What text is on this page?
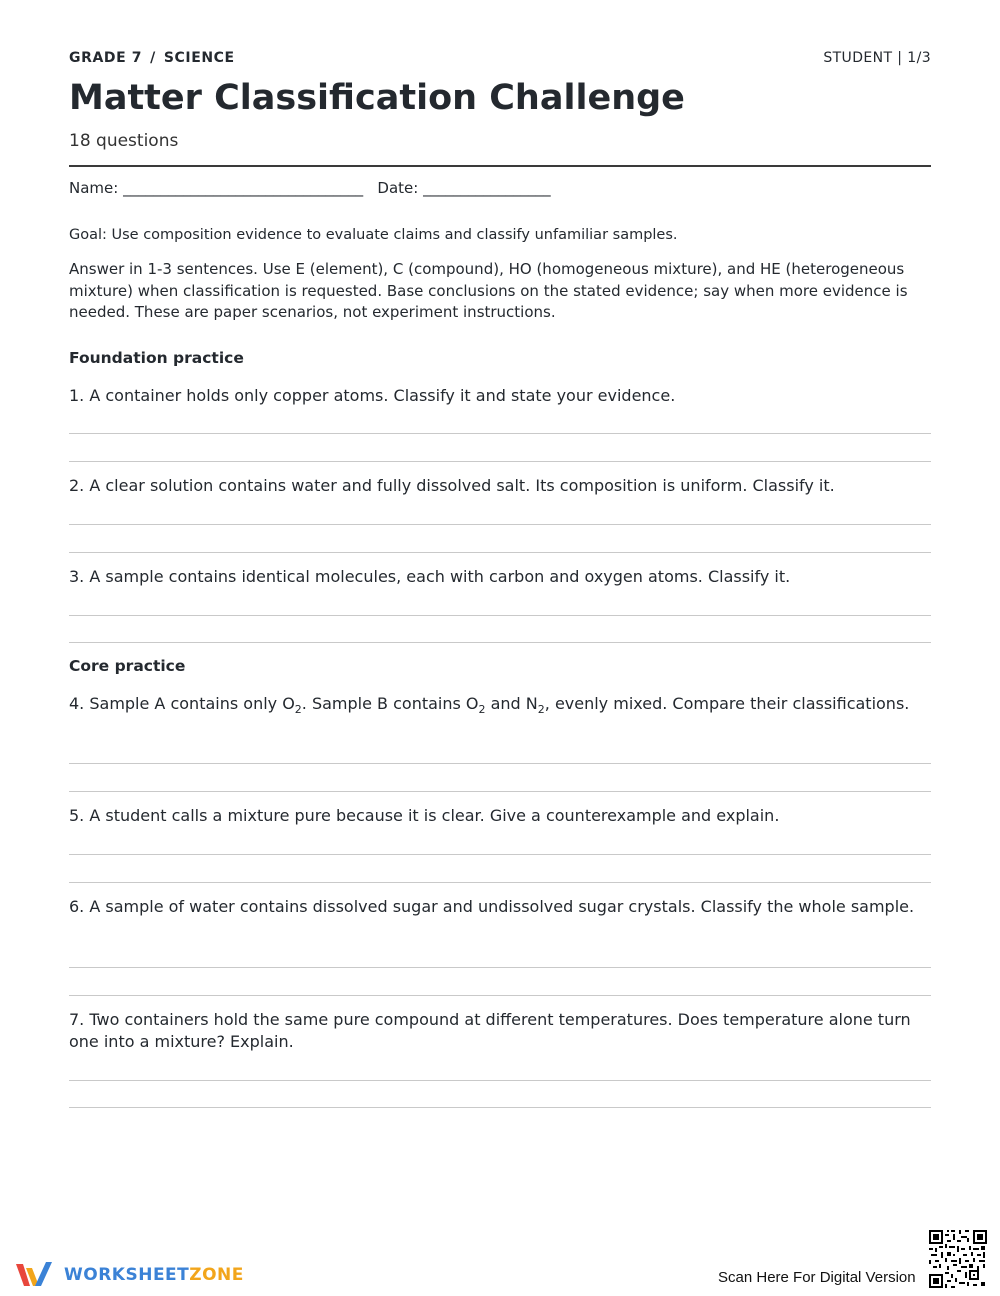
GRADE 7 / SCIENCE	STUDENT | 1/3
Matter Classification Challenge
18 questions
Name: ________________________________ Date: _________________
Goal: Use composition evidence to evaluate claims and classify unfamiliar samples.
Answer in 1-3 sentences. Use E (element), C (compound), HO (homogeneous mixture), and HE (heterogeneous mixture) when classification is requested. Base conclusions on the stated evidence; say when more evidence is needed. These are paper scenarios, not experiment instructions.
Foundation practice
1. A container holds only copper atoms. Classify it and state your evidence.
2. A clear solution contains water and fully dissolved salt. Its composition is uniform. Classify it.
3. A sample contains identical molecules, each with carbon and oxygen atoms. Classify it.
Core practice
4. Sample A contains only $O_2$. Sample B contains $O_2$ and $N_2$, evenly mixed. Compare their classifications.
5. A student calls a mixture pure because it is clear. Give a counterexample and explain.
6. A sample of water contains dissolved sugar and undissolved sugar crystals. Classify the whole sample.
7. Two containers hold the same pure compound at different temperatures. Does temperature alone turn one into a mixture? Explain.
WORKSHEETZONE	Scan Here For Digital Version
